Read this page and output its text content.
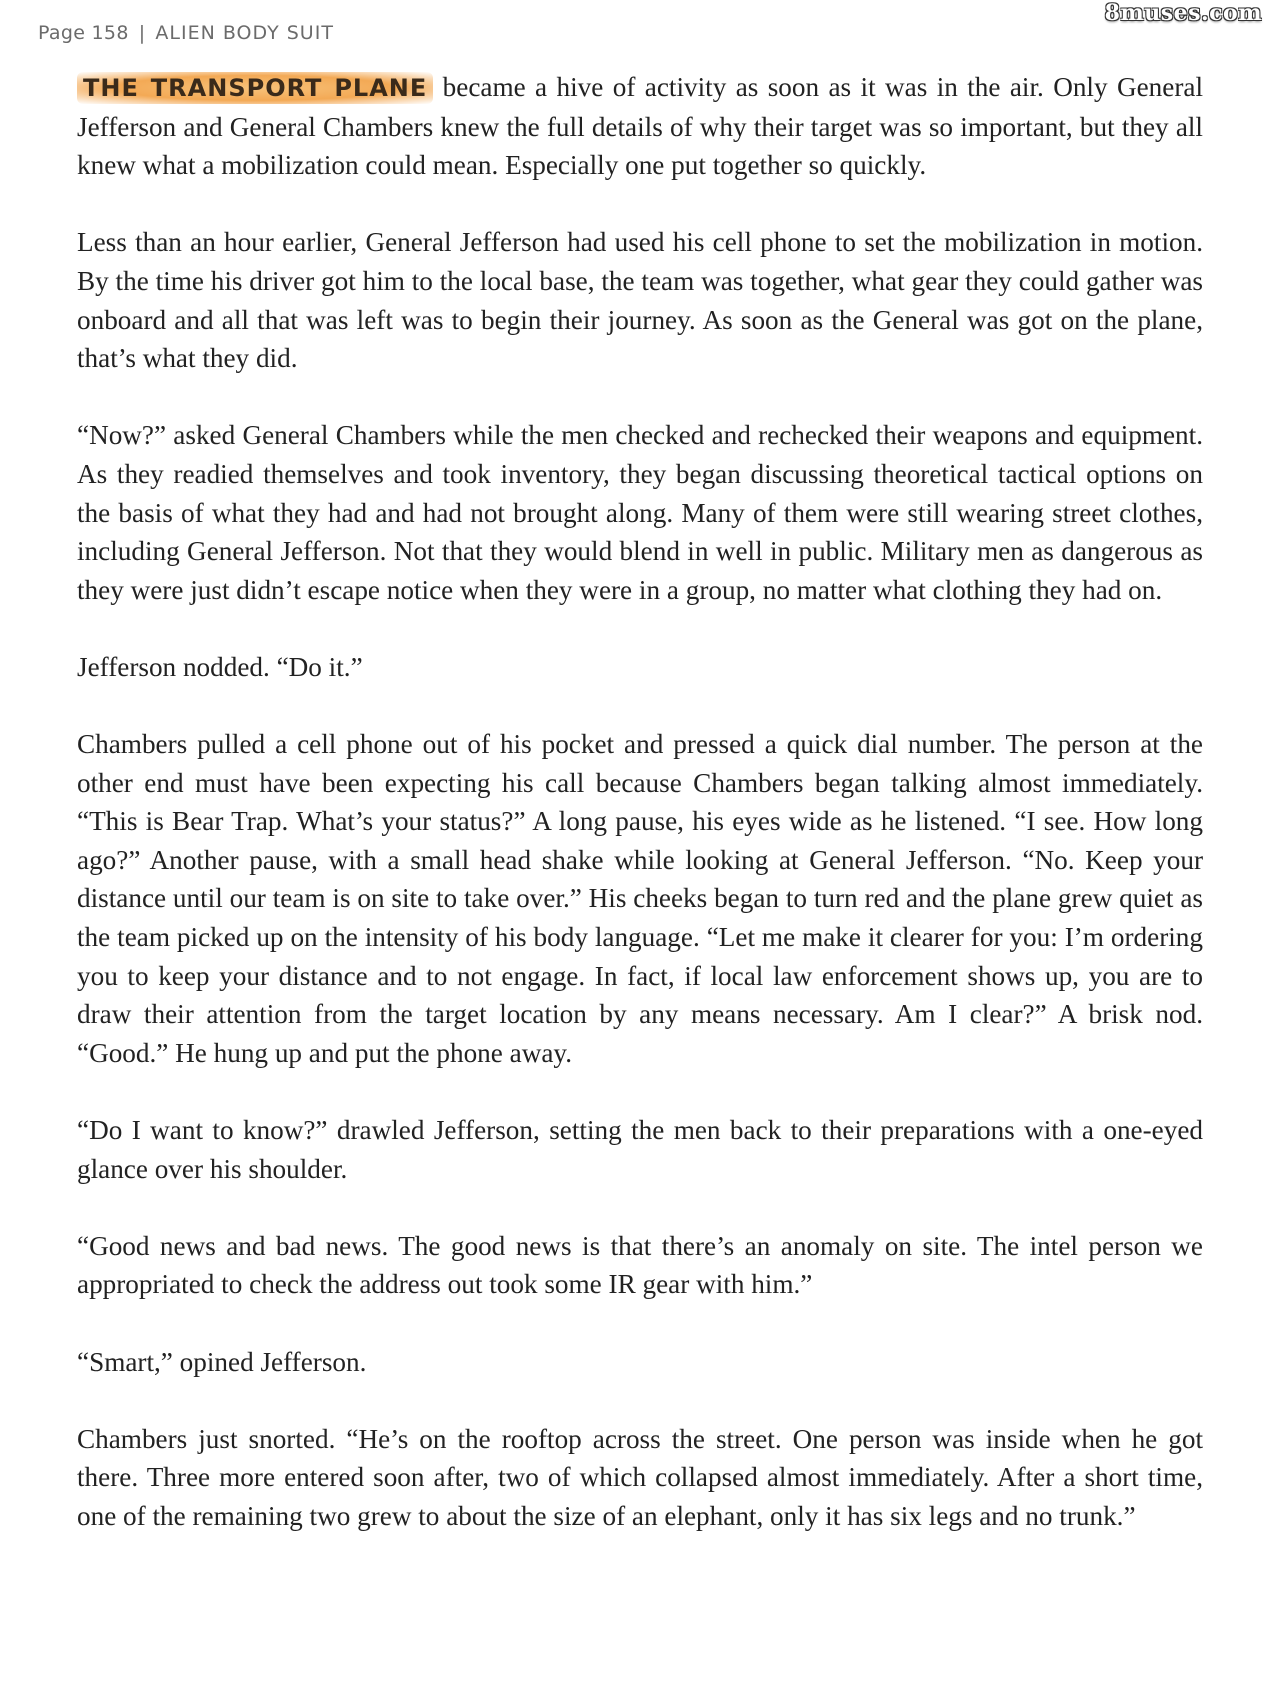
Page 158 | ALIEN BODY SUIT
8muses.com

THE TRANSPORT PLANE became a hive of activity as soon as it was in the air. Only General Jefferson and General Chambers knew the full details of why their target was so important, but they all knew what a mobilization could mean. Especially one put together so quickly.

Less than an hour earlier, General Jefferson had used his cell phone to set the mobilization in motion. By the time his driver got him to the local base, the team was together, what gear they could gather was onboard and all that was left was to begin their journey. As soon as the General was got on the plane, that’s what they did.

“Now?” asked General Chambers while the men checked and rechecked their weapons and equipment. As they readied themselves and took inventory, they began discussing theoretical tactical options on the basis of what they had and had not brought along. Many of them were still wearing street clothes, including General Jefferson. Not that they would blend in well in public. Military men as dangerous as they were just didn’t escape notice when they were in a group, no matter what clothing they had on.

Jefferson nodded. “Do it.”

Chambers pulled a cell phone out of his pocket and pressed a quick dial number. The person at the other end must have been expecting his call because Chambers began talking almost immediately. “This is Bear Trap. What’s your status?” A long pause, his eyes wide as he listened. “I see. How long ago?” Another pause, with a small head shake while looking at General Jefferson. “No. Keep your distance until our team is on site to take over.” His cheeks began to turn red and the plane grew quiet as the team picked up on the intensity of his body language. “Let me make it clearer for you: I’m ordering you to keep your distance and to not engage. In fact, if local law enforcement shows up, you are to draw their attention from the target location by any means necessary. Am I clear?” A brisk nod. “Good.” He hung up and put the phone away.

“Do I want to know?” drawled Jefferson, setting the men back to their preparations with a one-eyed glance over his shoulder.

“Good news and bad news. The good news is that there’s an anomaly on site. The intel person we appropriated to check the address out took some IR gear with him.”

“Smart,” opined Jefferson.

Chambers just snorted. “He’s on the rooftop across the street. One person was inside when he got there. Three more entered soon after, two of which collapsed almost immediately. After a short time, one of the remaining two grew to about the size of an elephant, only it has six legs and no trunk.”
